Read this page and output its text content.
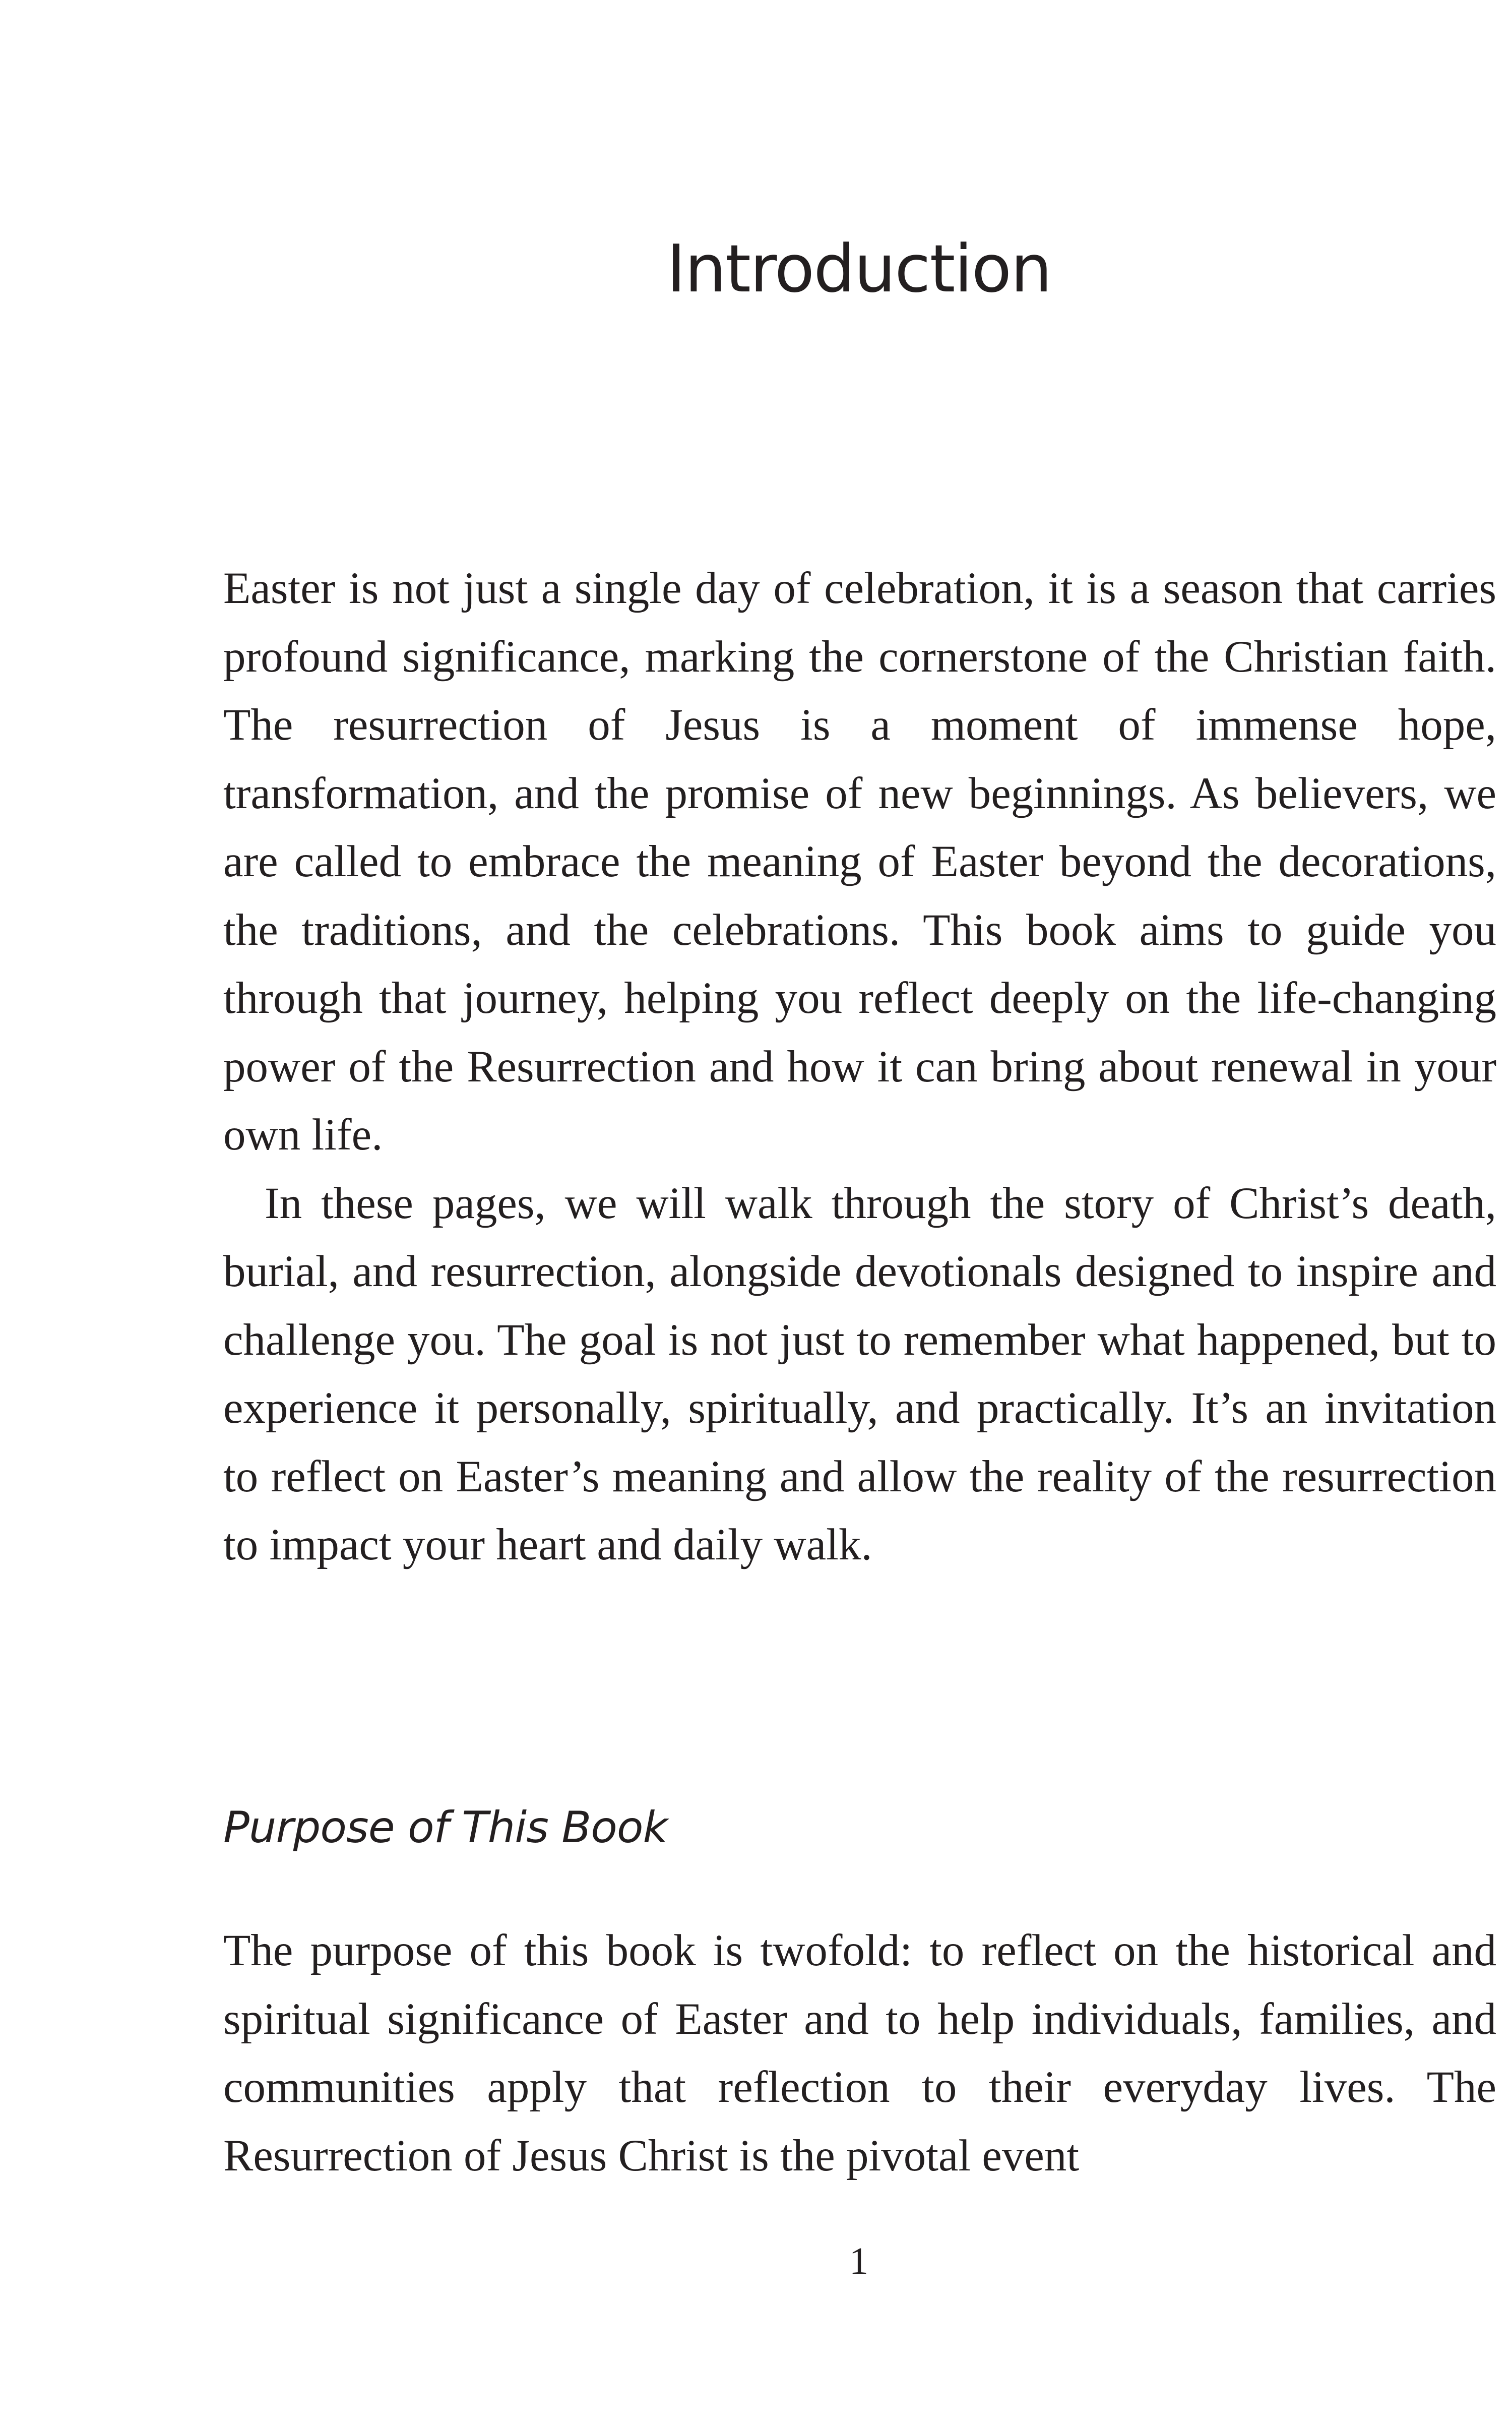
Introduction

Easter is not just a single day of celebration, it is a season that carries profound significance, marking the cornerstone of the Christian faith. The resurrection of Jesus is a moment of immense hope, transformation, and the promise of new beginnings. As believers, we are called to embrace the meaning of Easter beyond the decorations, the traditions, and the celebrations. This book aims to guide you through that journey, helping you reflect deeply on the life-changing power of the Resurrection and how it can bring about renewal in your own life.

In these pages, we will walk through the story of Christ’s death, burial, and resurrection, alongside devotionals designed to inspire and challenge you. The goal is not just to remember what happened, but to experience it personally, spiritually, and practically. It’s an invitation to reflect on Easter’s meaning and allow the reality of the resurrection to impact your heart and daily walk.

Purpose of This Book

The purpose of this book is twofold: to reflect on the historical and spiritual significance of Easter and to help individuals, families, and communities apply that reflection to their everyday lives. The Resurrection of Jesus Christ is the pivotal event

1
